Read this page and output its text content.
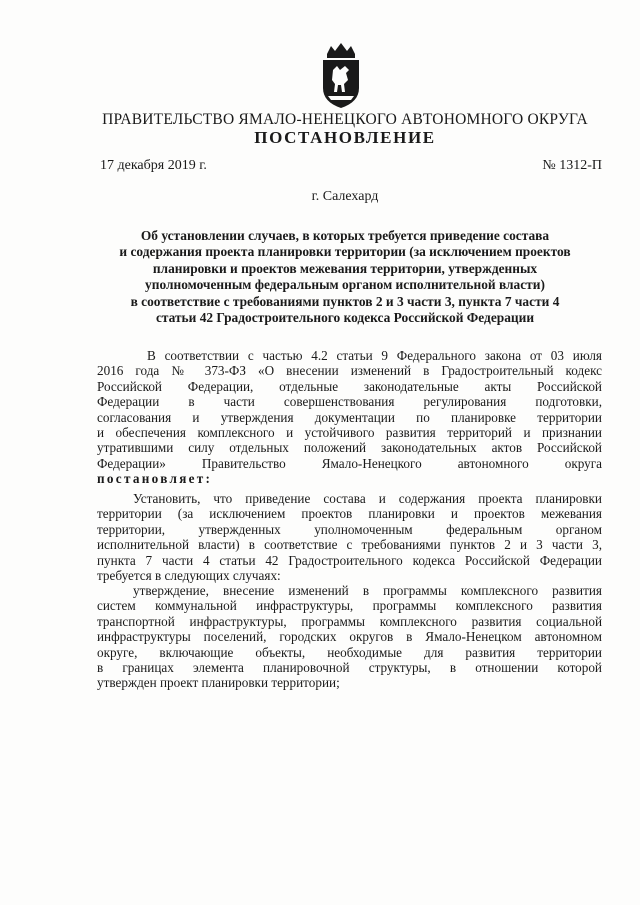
ПРАВИТЕЛЬСТВО ЯМАЛО-НЕНЕЦКОГО АВТОНОМНОГО ОКРУГА
ПОСТАНОВЛЕНИЕ
17 декабря 2019 г.	№ 1312-П
г. Салехард
Об установлении случаев, в которых требуется приведение состава
и содержания проекта планировки территории (за исключением проектов
планировки и проектов межевания территории, утвержденных
уполномоченным федеральным органом исполнительной власти)
в соответствие с требованиями пунктов 2 и 3 части 3, пункта 7 части 4
статьи 42 Градостроительного кодекса Российской Федерации
В соответствии с частью 4.2 статьи 9 Федерального закона от 03 июля
2016 года № 373-ФЗ «О внесении изменений в Градостроительный кодекс
Российской Федерации, отдельные законодательные акты Российской
Федерации в части совершенствования регулирования подготовки,
согласования и утверждения документации по планировке территории
и обеспечения комплексного и устойчивого развития территорий и признании
утратившими силу отдельных положений законодательных актов Российской
Федерации» Правительство Ямало-Ненецкого автономного округа
постановляет:
Установить, что приведение состава и содержания проекта планировки
территории (за исключением проектов планировки и проектов межевания
территории, утвержденных уполномоченным федеральным органом
исполнительной власти) в соответствие с требованиями пунктов 2 и 3 части 3,
пункта 7 части 4 статьи 42 Градостроительного кодекса Российской Федерации
требуется в следующих случаях:
утверждение, внесение изменений в программы комплексного развития
систем коммунальной инфраструктуры, программы комплексного развития
транспортной инфраструктуры, программы комплексного развития социальной
инфраструктуры поселений, городских округов в Ямало-Ненецком автономном
округе, включающие объекты, необходимые для развития территории
в границах элемента планировочной структуры, в отношении которой
утвержден проект планировки территории;
